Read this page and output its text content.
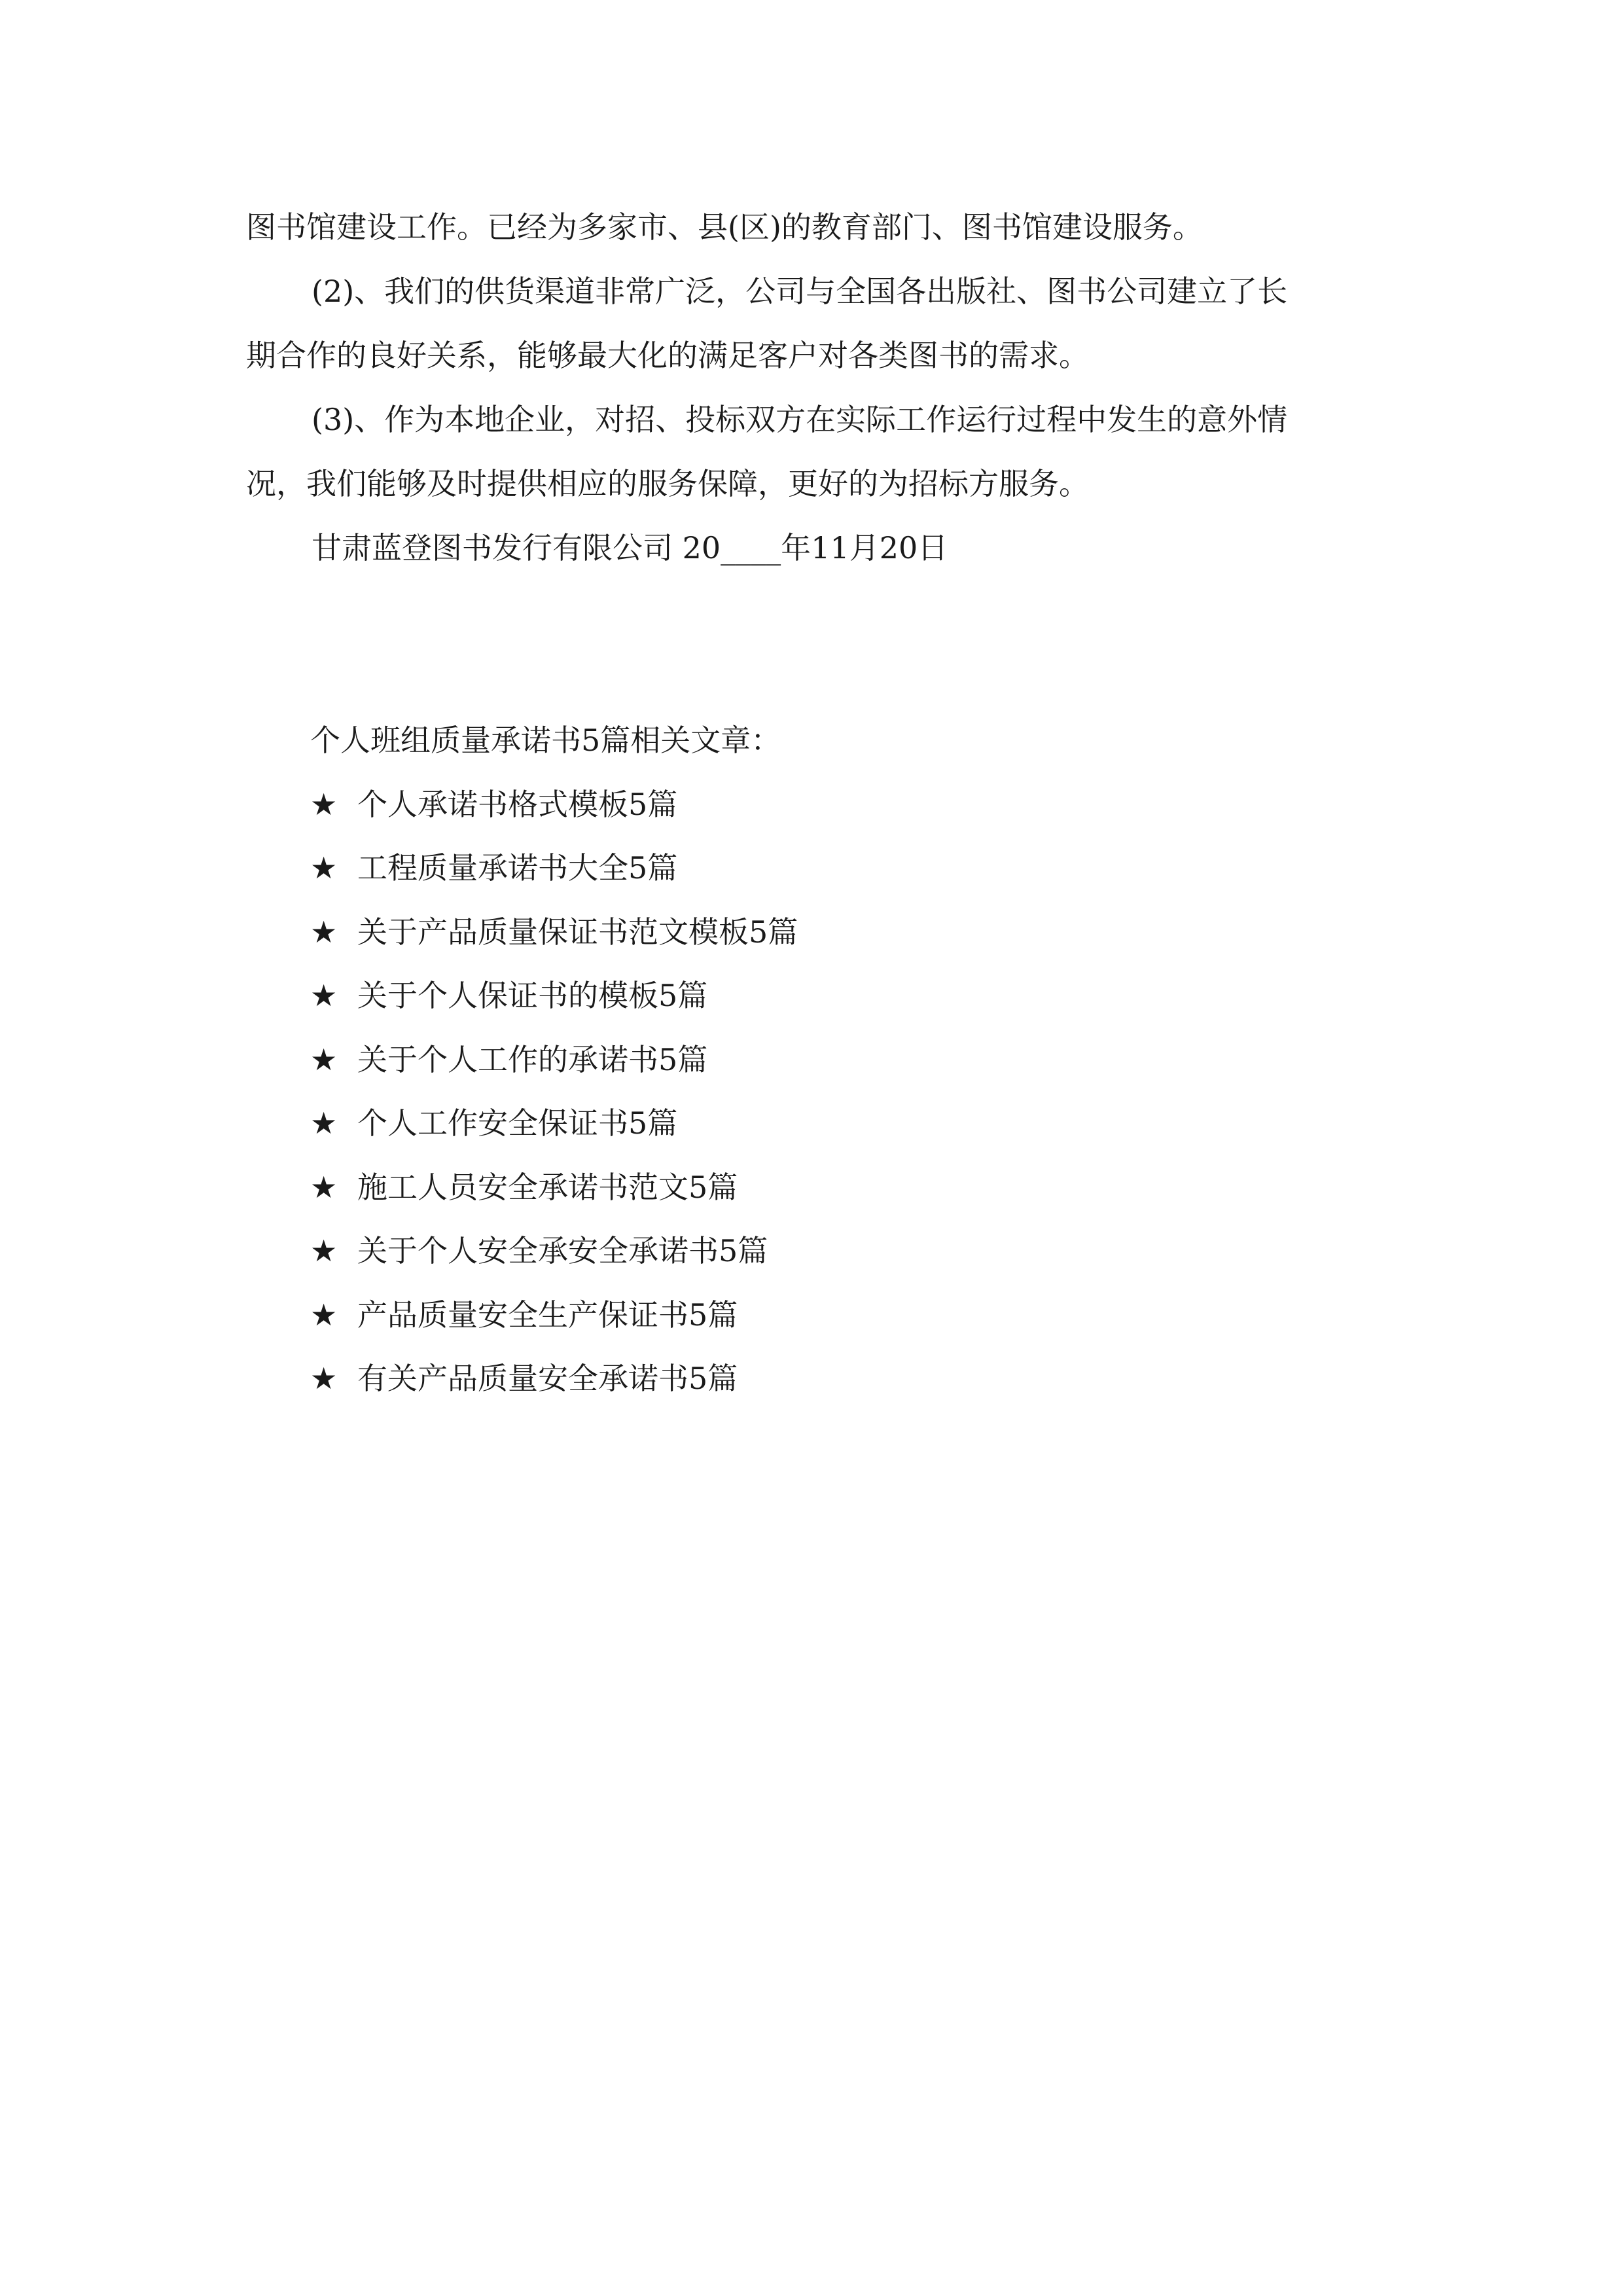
图书馆建设工作。已经为多家市、县(区)的教育部门、图书馆建设服务。

(2)、我们的供货渠道非常广泛，公司与全国各出版社、图书公司建立了长

期合作的良好关系，能够最大化的满足客户对各类图书的需求。

(3)、作为本地企业，对招、投标双方在实际工作运行过程中发生的意外情

况，我们能够及时提供相应的服务保障，更好的为招标方服务。

甘肃蓝登图书发行有限公司 20____年11月20日

个人班组质量承诺书5篇相关文章：

★ 个人承诺书格式模板5篇
★ 工程质量承诺书大全5篇
★ 关于产品质量保证书范文模板5篇
★ 关于个人保证书的模板5篇
★ 关于个人工作的承诺书5篇
★ 个人工作安全保证书5篇
★ 施工人员安全承诺书范文5篇
★ 关于个人安全承安全承诺书5篇
★ 产品质量安全生产保证书5篇
★ 有关产品质量安全承诺书5篇
